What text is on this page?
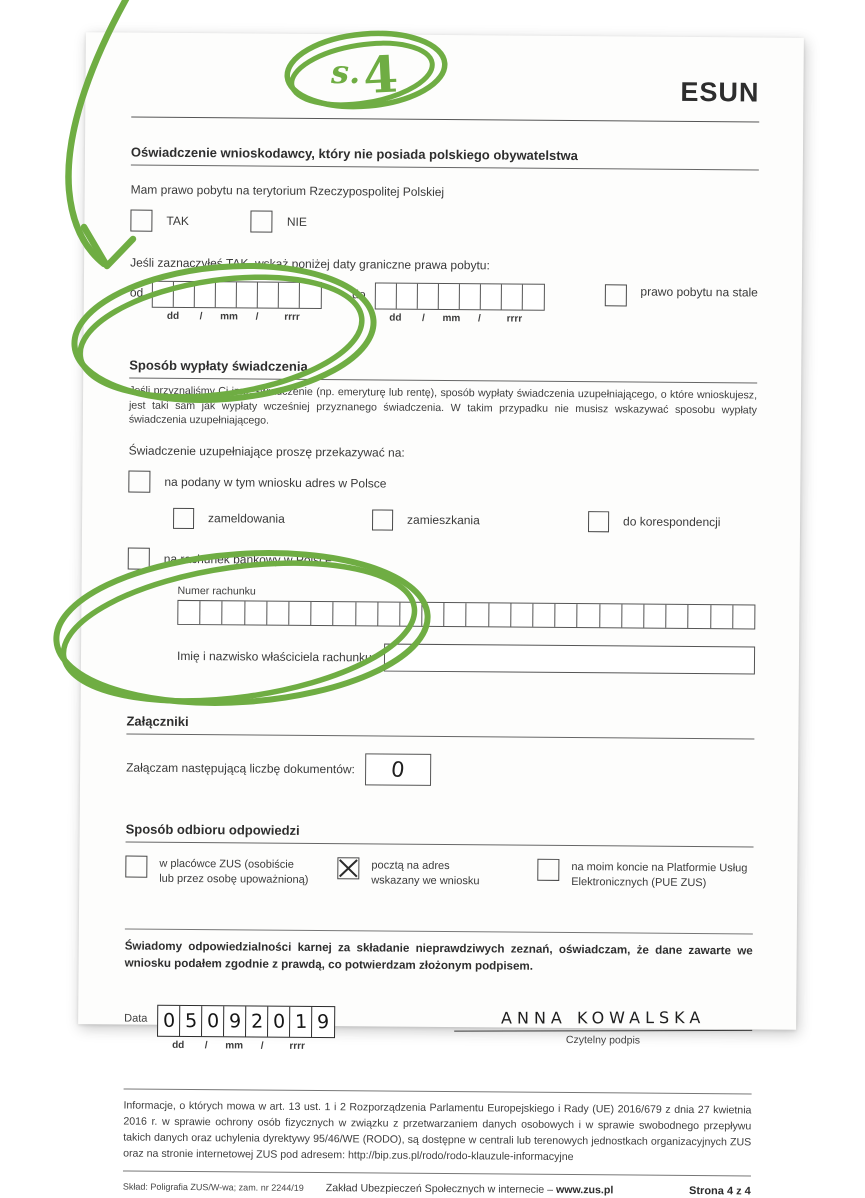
ESUN
Oświadczenie wnioskodawcy, który nie posiada polskiego obywatelstwa
Mam prawo pobytu na terytorium Rzeczypospolitej Polskiej
TAK	NIE
Jeśli zaznaczyłeś TAK, wskaż poniżej daty graniczne prawa pobytu:
od
dd	/	mm	/	rrrr
do
dd	/	mm	/	rrrr
prawo pobytu na stale
Sposób wypłaty świadczenia
Jeśli przyznaliśmy Ci inne świadczenie (np. emeryturę lub rentę), sposób wypłaty świadczenia uzupełniającego, o które wnioskujesz, jest taki sam jak wypłaty wcześniej przyznanego świadczenia. W takim przypadku nie musisz wskazywać sposobu wypłaty świadczenia uzupełniającego.
Świadczenie uzupełniające proszę przekazywać na:
na podany w tym wniosku adres w Polsce
zameldowania	zamieszkania	do korespondencji
na rachunek bankowy w Polsce
Numer rachunku
Imię i nazwisko właściciela rachunku
Załączniki
Załączam następującą liczbę dokumentów: 0
Sposób odbioru odpowiedzi
w placówce ZUS (osobiście
lub przez osobę upoważnioną)
pocztą na adres
wskazany we wniosku
na moim koncie na Platformie Usług
Elektronicznych (PUE ZUS)
Świadomy odpowiedzialności karnej za składanie nieprawdziwych zeznań, oświadczam, że dane zawarte we wniosku podałem zgodnie z prawdą, co potwierdzam złożonym podpisem.
Data 0 5 0 9 2 0 1 9
dd	/	mm	/	rrrr
ANNA KOWALSKA
Czytelny podpis
Informacje, o których mowa w art. 13 ust. 1 i 2 Rozporządzenia Parlamentu Europejskiego i Rady (UE) 2016/679 z dnia 27 kwietnia 2016 r. w sprawie ochrony osób fizycznych w związku z przetwarzaniem danych osobowych i w sprawie swobodnego przepływu takich danych oraz uchylenia dyrektywy 95/46/WE (RODO), są dostępne w centrali lub terenowych jednostkach organizacyjnych ZUS oraz na stronie internetowej ZUS pod adresem: http://bip.zus.pl/rodo/rodo-klauzule-informacyjne
Skład: Poligrafia ZUS/W-wa; zam. nr 2244/19 Zakład Ubezpieczeń Społecznych w internecie – www.zus.pl	Strona 4 z 4
s. 4
